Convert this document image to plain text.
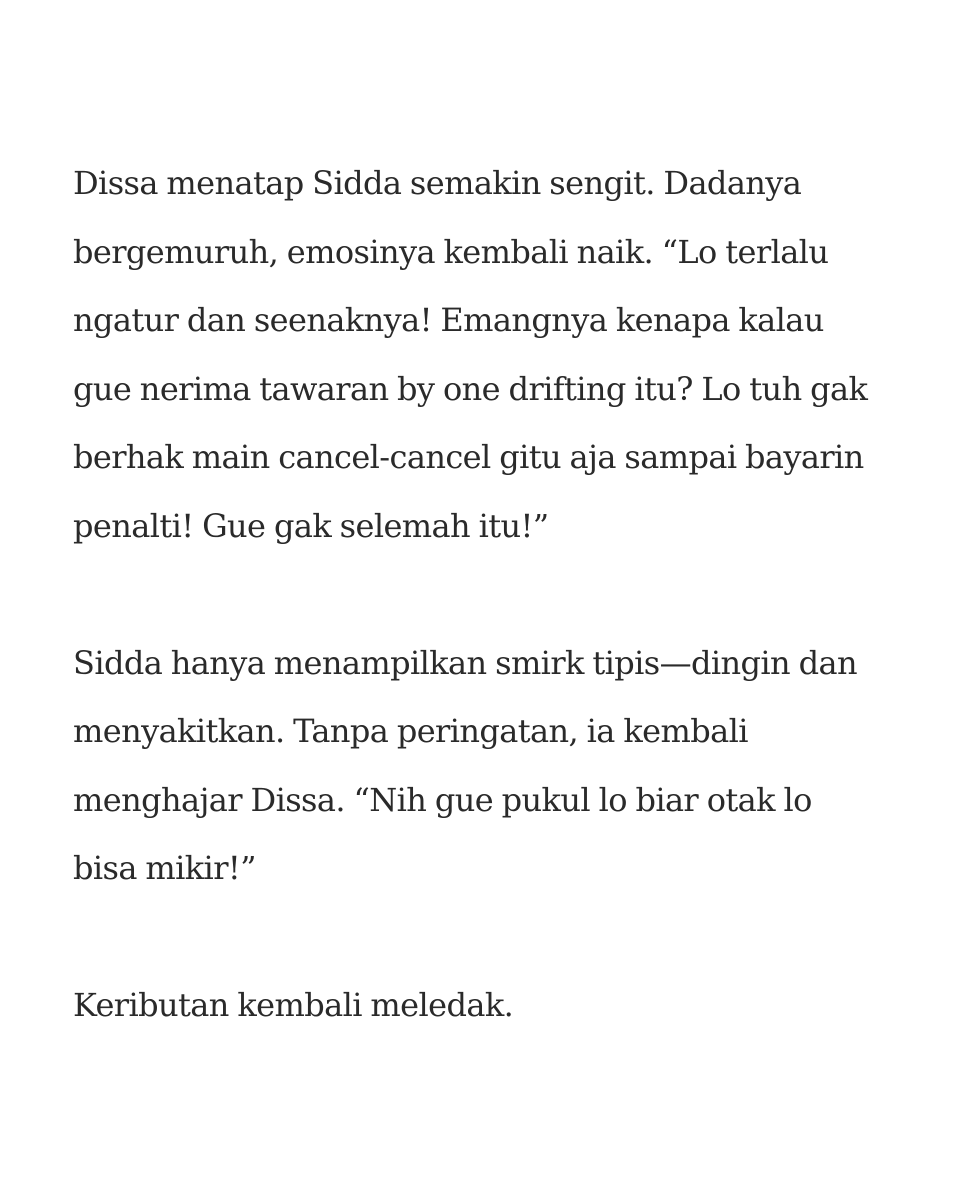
Dissa menatap Sidda semakin sengit. Dadanya
bergemuruh, emosinya kembali naik. “Lo terlalu
ngatur dan seenaknya! Emangnya kenapa kalau
gue nerima tawaran by one drifting itu? Lo tuh gak
berhak main cancel-cancel gitu aja sampai bayarin
penalti! Gue gak selemah itu!”
Sidda hanya menampilkan smirk tipis—dingin dan
menyakitkan. Tanpa peringatan, ia kembali
menghajar Dissa. “Nih gue pukul lo biar otak lo
bisa mikir!”
Keributan kembali meledak.
